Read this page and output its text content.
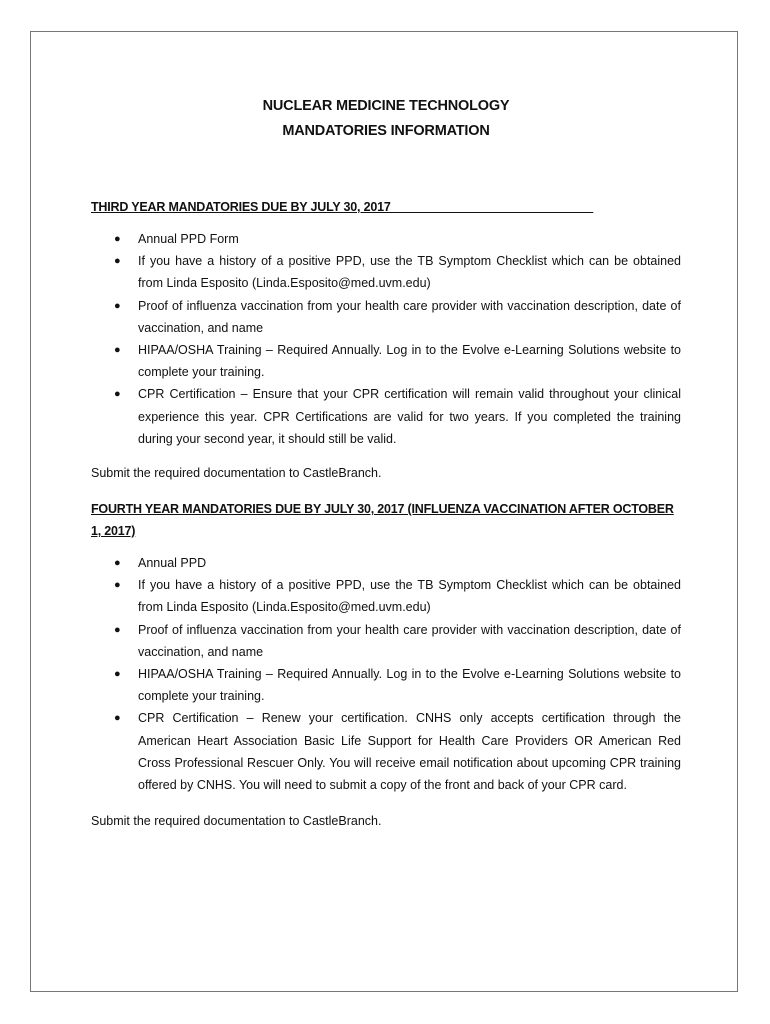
NUCLEAR MEDICINE TECHNOLOGY
MANDATORIES INFORMATION
THIRD YEAR MANDATORIES DUE BY JULY 30, 2017______________________________
● Annual PPD Form
● If you have a history of a positive PPD, use the TB Symptom Checklist which can be obtained from Linda Esposito (Linda.Esposito@med.uvm.edu)
● Proof of influenza vaccination from your health care provider with vaccination description, date of vaccination, and name
● HIPAA/OSHA Training – Required Annually. Log in to the Evolve e-Learning Solutions website to complete your training.
● CPR Certification – Ensure that your CPR certification will remain valid throughout your clinical experience this year. CPR Certifications are valid for two years. If you completed the training during your second year, it should still be valid.
Submit the required documentation to CastleBranch.
FOURTH YEAR MANDATORIES DUE BY JULY 30, 2017 (INFLUENZA VACCINATION AFTER OCTOBER 1, 2017)
● Annual PPD
● If you have a history of a positive PPD, use the TB Symptom Checklist which can be obtained from Linda Esposito (Linda.Esposito@med.uvm.edu)
● Proof of influenza vaccination from your health care provider with vaccination description, date of vaccination, and name
● HIPAA/OSHA Training – Required Annually. Log in to the Evolve e-Learning Solutions website to complete your training.
● CPR Certification – Renew your certification. CNHS only accepts certification through the American Heart Association Basic Life Support for Health Care Providers OR American Red Cross Professional Rescuer Only. You will receive email notification about upcoming CPR training offered by CNHS. You will need to submit a copy of the front and back of your CPR card.
Submit the required documentation to CastleBranch.
